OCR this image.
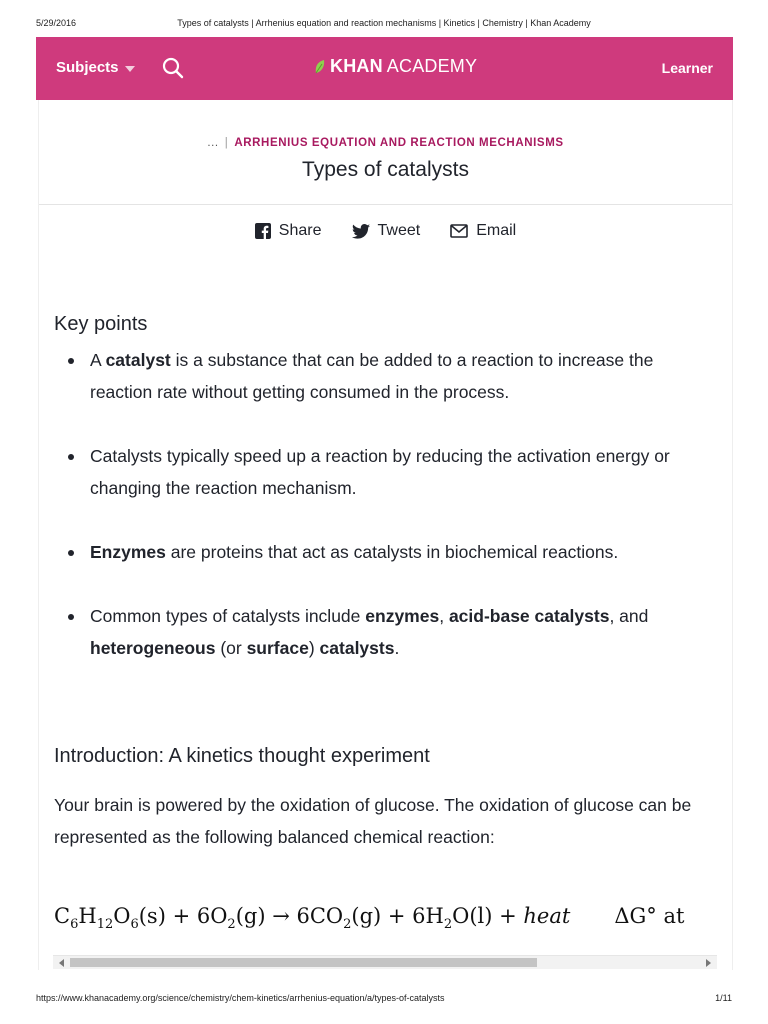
5/29/2016	Types of catalysts | Arrhenius equation and reaction mechanisms | Kinetics | Chemistry | Khan Academy
Subjects	KHAN ACADEMY	Learner
... | ARRHENIUS EQUATION AND REACTION MECHANISMS
Types of catalysts
Share	Tweet	Email
Key points
A catalyst is a substance that can be added to a reaction to increase the reaction rate without getting consumed in the process.
Catalysts typically speed up a reaction by reducing the activation energy or changing the reaction mechanism.
Enzymes are proteins that act as catalysts in biochemical reactions.
Common types of catalysts include enzymes, acid-base catalysts, and heterogeneous (or surface) catalysts.
Introduction: A kinetics thought experiment

Your brain is powered by the oxidation of glucose. The oxidation of glucose can be represented as the following balanced chemical reaction:

$C_6H_{12}O_6(s) + 6O_2(g) \to 6CO_2(g) + 6H_2O(l)$ + heat ΔG° at
https://www.khanacademy.org/science/chemistry/chem-kinetics/arrhenius-equation/a/types-of-catalysts	1/11
